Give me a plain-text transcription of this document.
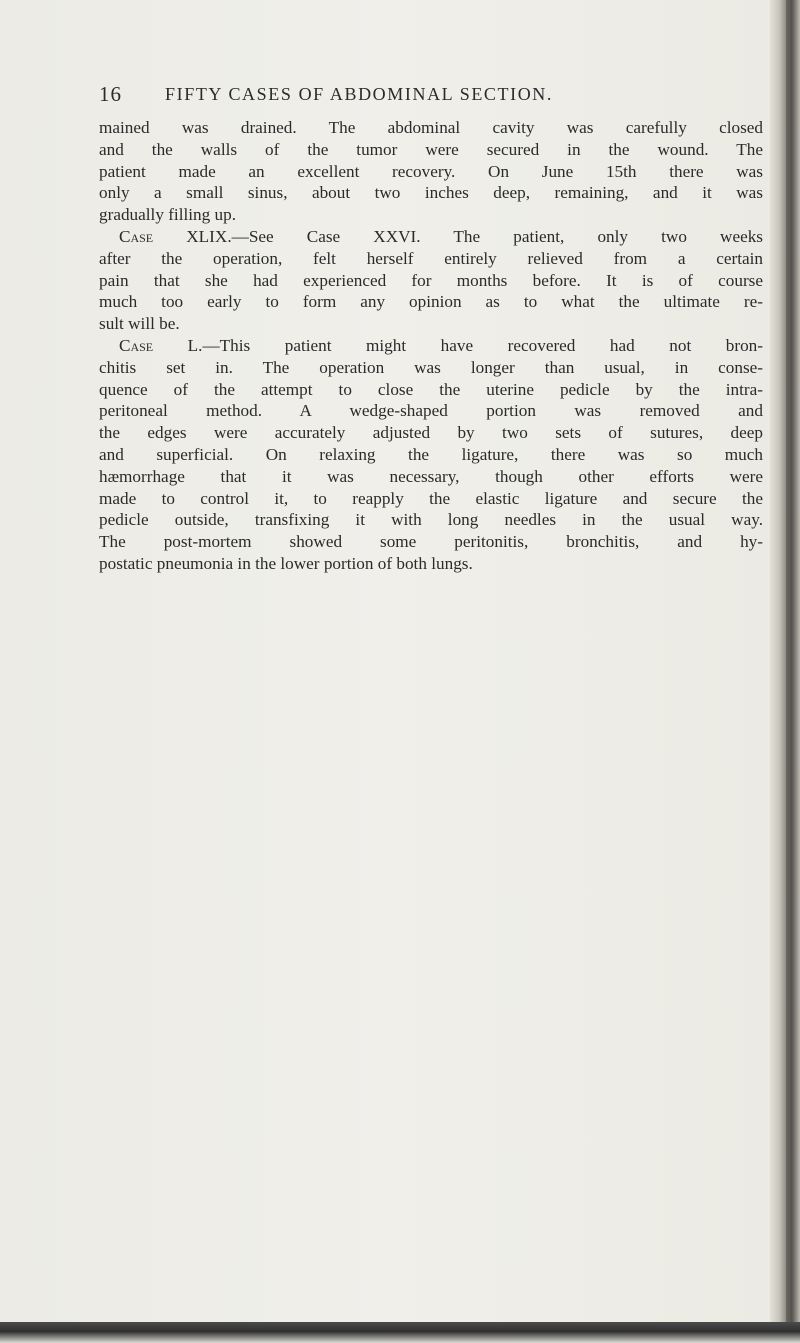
16 FIFTY CASES OF ABDOMINAL SECTION.
mained was drained. The abdominal cavity was carefully closed
and the walls of the tumor were secured in the wound. The
patient made an excellent recovery. On June 15th there was
only a small sinus, about two inches deep, remaining, and it was
gradually filling up.
Case XLIX.—See Case XXVI. The patient, only two weeks
after the operation, felt herself entirely relieved from a certain
pain that she had experienced for months before. It is of course
much too early to form any opinion as to what the ultimate re-
sult will be.
Case L.—This patient might have recovered had not bron-
chitis set in. The operation was longer than usual, in conse-
quence of the attempt to close the uterine pedicle by the intra-
peritoneal method. A wedge-shaped portion was removed and
the edges were accurately adjusted by two sets of sutures, deep
and superficial. On relaxing the ligature, there was so much
hæmorrhage that it was necessary, though other efforts were
made to control it, to reapply the elastic ligature and secure the
pedicle outside, transfixing it with long needles in the usual way.
The post-mortem showed some peritonitis, bronchitis, and hy-
postatic pneumonia in the lower portion of both lungs.
